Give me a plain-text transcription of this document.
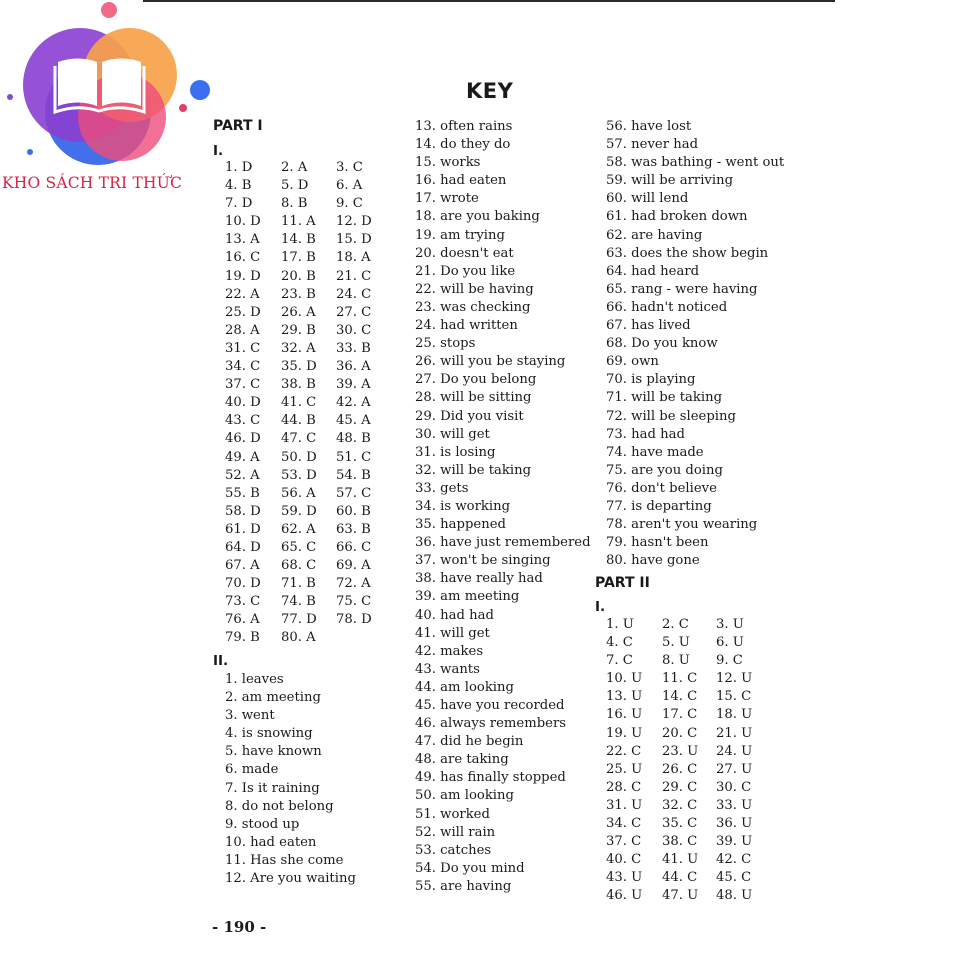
KHO SÁCH TRI THỨC
KEY
PART I
I.
1. D	2. A	3. C
4. B	5. D	6. A
7. D	8. B	9. C
10. D	11. A	12. D
13. A	14. B	15. D
16. C	17. B	18. A
19. D	20. B	21. C
22. A	23. B	24. C
25. D	26. A	27. C
28. A	29. B	30. C
31. C	32. A	33. B
34. C	35. D	36. A
37. C	38. B	39. A
40. D	41. C	42. A
43. C	44. B	45. A
46. D	47. C	48. B
49. A	50. D	51. C
52. A	53. D	54. B
55. B	56. A	57. C
58. D	59. D	60. B
61. D	62. A	63. B
64. D	65. C	66. C
67. A	68. C	69. A
70. D	71. B	72. A
73. C	74. B	75. C
76. A	77. D	78. D
79. B	80. A
II.
1. leaves
2. am meeting
3. went
4. is snowing
5. have known
6. made
7. Is it raining
8. do not belong
9. stood up
10. had eaten
11. Has she come
12. Are you waiting
13. often rains
14. do they do
15. works
16. had eaten
17. wrote
18. are you baking
19. am trying
20. doesn't eat
21. Do you like
22. will be having
23. was checking
24. had written
25. stops
26. will you be staying
27. Do you belong
28. will be sitting
29. Did you visit
30. will get
31. is losing
32. will be taking
33. gets
34. is working
35. happened
36. have just remembered
37. won't be singing
38. have really had
39. am meeting
40. had had
41. will get
42. makes
43. wants
44. am looking
45. have you recorded
46. always remembers
47. did he begin
48. are taking
49. has finally stopped
50. am looking
51. worked
52. will rain
53. catches
54. Do you mind
55. are having
56. have lost
57. never had
58. was bathing - went out
59. will be arriving
60. will lend
61. had broken down
62. are having
63. does the show begin
64. had heard
65. rang - were having
66. hadn't noticed
67. has lived
68. Do you know
69. own
70. is playing
71. will be taking
72. will be sleeping
73. had had
74. have made
75. are you doing
76. don't believe
77. is departing
78. aren't you wearing
79. hasn't been
80. have gone
PART II
I.
1. U	2. C	3. U
4. C	5. U	6. U
7. C	8. U	9. C
10. U	11. C	12. U
13. U	14. C	15. C
16. U	17. C	18. U
19. U	20. C	21. U
22. C	23. U	24. U
25. U	26. C	27. U
28. C	29. C	30. C
31. U	32. C	33. U
34. C	35. C	36. U
37. C	38. C	39. U
40. C	41. U	42. C
43. U	44. C	45. C
46. U	47. U	48. U
- 190 -
